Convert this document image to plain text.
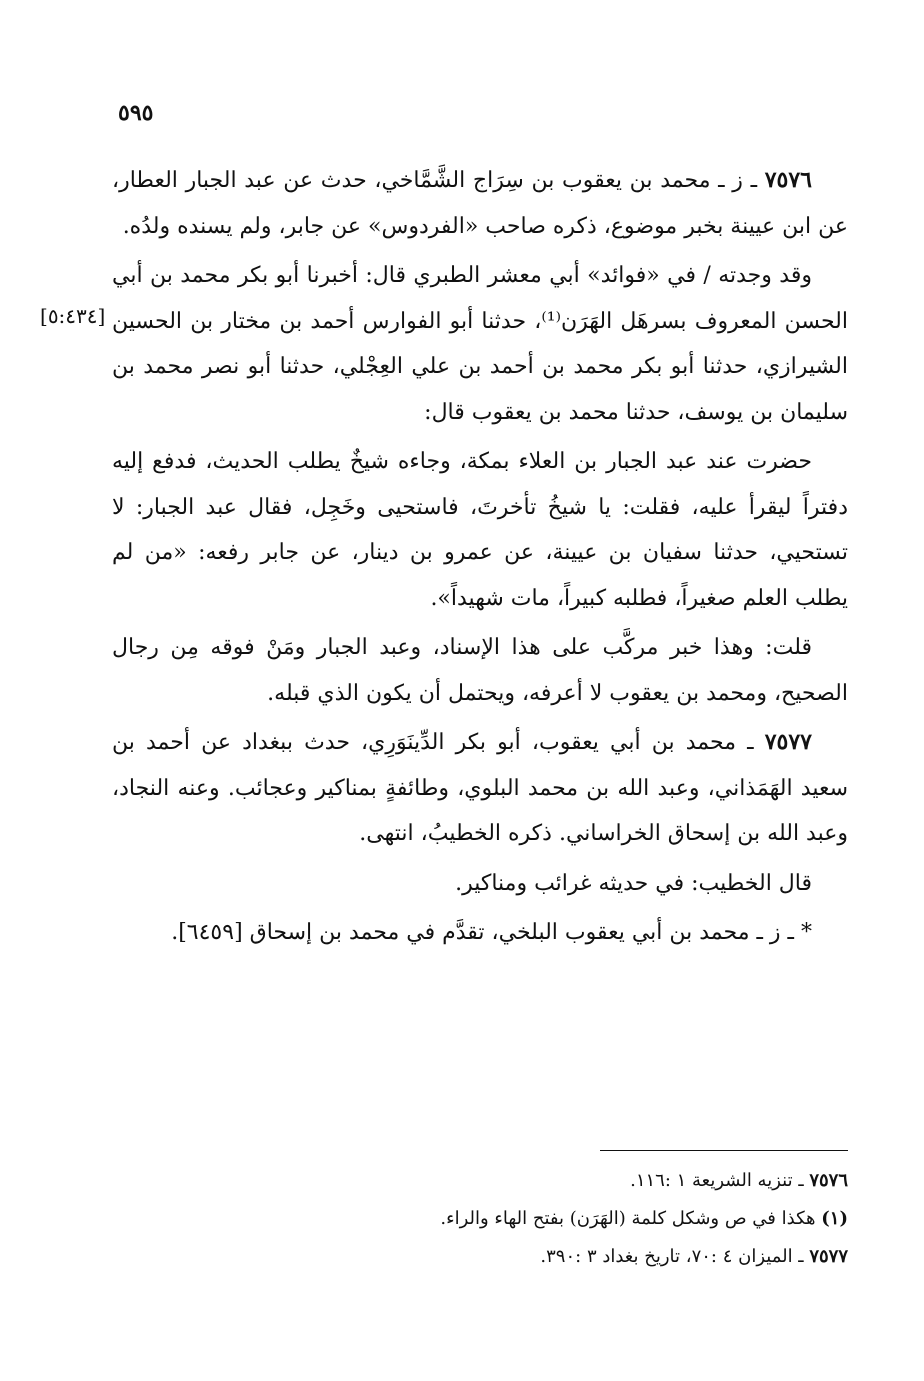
٥٩٥
[٥:٤٣٤]

٧٥٧٦ ـ ز ـ محمد بن يعقوب بن سِرَاج الشَّمَّاخي، حدث عن عبد الجبار العطار، عن ابن عيينة بخبر موضوع، ذكره صاحب «الفردوس» عن جابر، ولم يسنده ولدُه.

وقد وجدته / في «فوائد» أبي معشر الطبري قال: أخبرنا أبو بكر محمد بن أبي الحسن المعروف بسرهَل الهَرَن⁽¹⁾، حدثنا أبو الفوارس أحمد بن مختار بن الحسين الشيرازي، حدثنا أبو بكر محمد بن أحمد بن علي العِجْلي، حدثنا أبو نصر محمد بن سليمان بن يوسف، حدثنا محمد بن يعقوب قال:

حضرت عند عبد الجبار بن العلاء بمكة، وجاءه شيخٌ يطلب الحديث، فدفع إليه دفتراً ليقرأ عليه، فقلت: يا شيخُ تأخرتَ، فاستحيى وخَجِل، فقال عبد الجبار: لا تستحيي، حدثنا سفيان بن عيينة، عن عمرو بن دينار، عن جابر رفعه: «من لم يطلب العلم صغيراً، فطلبه كبيراً، مات شهيداً».

قلت: وهذا خبر مركَّب على هذا الإسناد، وعبد الجبار ومَنْ فوقه مِن رجال الصحيح، ومحمد بن يعقوب لا أعرفه، ويحتمل أن يكون الذي قبله.

٧٥٧٧ ـ محمد بن أبي يعقوب، أبو بكر الدِّينَوَرِي، حدث ببغداد عن أحمد بن سعيد الهَمَذاني، وعبد الله بن محمد البلوي، وطائفةٍ بمناكير وعجائب. وعنه النجاد، وعبد الله بن إسحاق الخراساني. ذكره الخطيبُ، انتهى.

قال الخطيب: في حديثه غرائب ومناكير.

* ـ ز ـ محمد بن أبي يعقوب البلخي، تقدَّم في محمد بن إسحاق [٦٤٥٩].

٧٥٧٦ ـ تنزيه الشريعة ١ :١١٦.

(١) هكذا في ص وشكل كلمة (الهَرَن) بفتح الهاء والراء.

٧٥٧٧ ـ الميزان ٤ :٧٠، تاريخ بغداد ٣ :٣٩٠.
